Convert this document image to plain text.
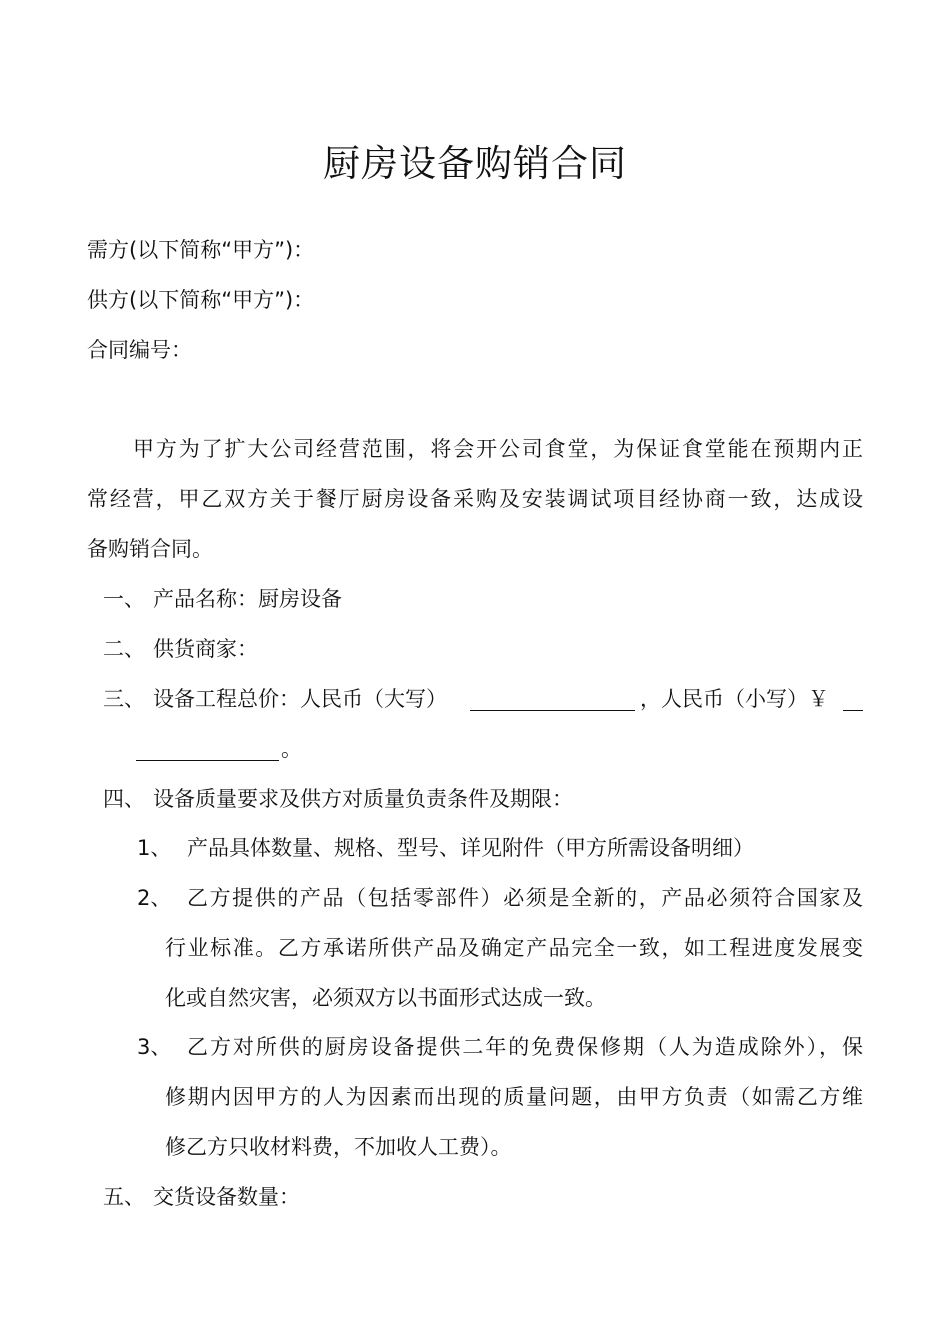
厨房设备购销合同
需方(以下简称“甲方”)：
供方(以下简称“甲方”)：
合同编号：
甲方为了扩大公司经营范围，将会开公司食堂，为保证食堂能在预期内正
常经营，甲乙双方关于餐厅厨房设备采购及安装调试项目经协商一致，达成设
备购销合同。
一、 产品名称：厨房设备
二、 供货商家：
三、 设备工程总价：人民币（大写）	，人民币（小写）￥
。
四、 设备质量要求及供方对质量负责条件及期限：
1、 产品具体数量、规格、型号、详见附件（甲方所需设备明细）
2、 乙方提供的产品（包括零部件）必须是全新的，产品必须符合国家及
行业标准。乙方承诺所供产品及确定产品完全一致，如工程进度发展变
化或自然灾害，必须双方以书面形式达成一致。
3、 乙方对所供的厨房设备提供二年的免费保修期（人为造成除外），保
修期内因甲方的人为因素而出现的质量问题，由甲方负责（如需乙方维
修乙方只收材料费，不加收人工费）。
五、 交货设备数量：
